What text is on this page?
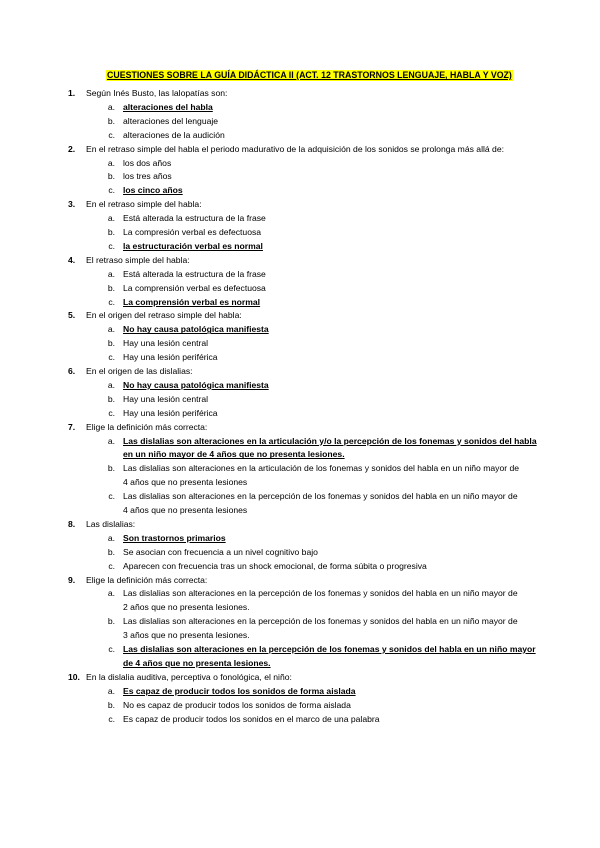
CUESTIONES SOBRE LA GUÍA DIDÁCTICA II (ACT. 12 TRASTORNOS LENGUAJE, HABLA Y VOZ)
1. Según Inés Busto, las lalopatías son:
a. alteraciones del habla
b. alteraciones del lenguaje
c. alteraciones de la audición
2. En el retraso simple del habla el periodo madurativo de la adquisición de los sonidos se prolonga más allá de:
a. los dos años
b. los tres años
c. los cinco años
3. En el retraso simple del habla:
a. Está alterada la estructura de la frase
b. La compresión verbal es defectuosa
c. la estructuración verbal es normal
4. El retraso simple del habla:
a. Está alterada la estructura de la frase
b. La comprensión verbal es defectuosa
c. La comprensión verbal es normal
5. En el origen del retraso simple del habla:
a. No hay causa patológica manifiesta
b. Hay una lesión central
c. Hay una lesión periférica
6. En el origen de las dislalias:
a. No hay causa patológica manifiesta
b. Hay una lesión central
c. Hay una lesión periférica
7. Elige la definición más correcta:
a. Las dislalias son alteraciones en la articulación y/o la percepción de los fonemas y sonidos del habla
en un niño mayor de 4 años que no presenta lesiones.
b. Las dislalias son alteraciones en la articulación de los fonemas y sonidos del habla en un niño mayor de
4 años que no presenta lesiones
c. Las dislalias son alteraciones en la percepción de los fonemas y sonidos del habla en un niño mayor de
4 años que no presenta lesiones
8. Las dislalias:
a. Son trastornos primarios
b. Se asocian con frecuencia a un nivel cognitivo bajo
c. Aparecen con frecuencia tras un shock emocional, de forma súbita o progresiva
9. Elige la definición más correcta:
a. Las dislalias son alteraciones en la percepción de los fonemas y sonidos del habla en un niño mayor de
2 años que no presenta lesiones.
b. Las dislalias son alteraciones en la percepción de los fonemas y sonidos del habla en un niño mayor de
3 años que no presenta lesiones.
c. Las dislalias son alteraciones en la percepción de los fonemas y sonidos del habla en un niño mayor
de 4 años que no presenta lesiones.
10. En la dislalia auditiva, perceptiva o fonológica, el niño:
a. Es capaz de producir todos los sonidos de forma aislada
b. No es capaz de producir todos los sonidos de forma aislada
c. Es capaz de producir todos los sonidos en el marco de una palabra
